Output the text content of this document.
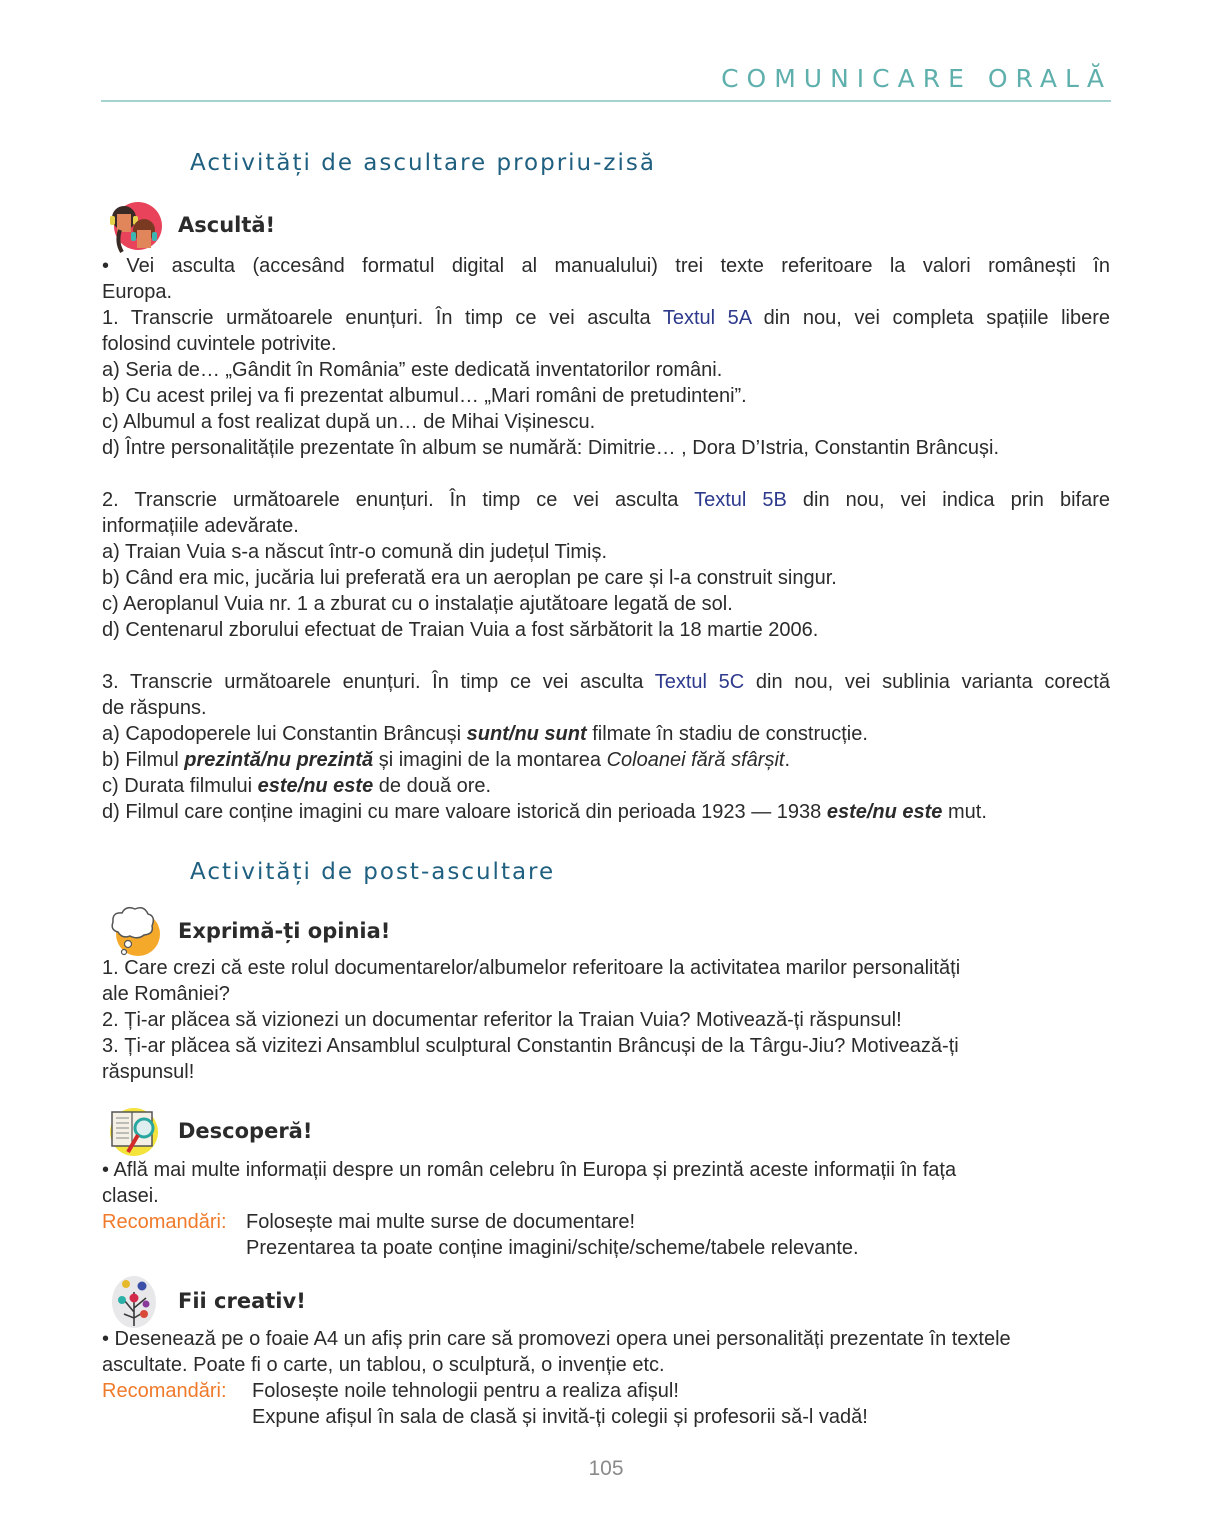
COMUNICARE ORALĂ
Activități de ascultare propriu-zisă
Ascultă!

• Vei asculta (accesând formatul digital al manualului) trei texte referitoare la valori românești în

Europa.

1. Transcrie următoarele enunțuri. În timp ce vei asculta Textul 5A din nou, vei completa spațiile libere

folosind cuvintele potrivite.

a) Seria de… „Gândit în România” este dedicată inventatorilor români.

b) Cu acest prilej va fi prezentat albumul… „Mari români de pretudinteni”.

c) Albumul a fost realizat după un… de Mihai Vișinescu.

d) Între personalitățile prezentate în album se numără: Dimitrie… , Dora D’Istria, Constantin Brâncuși.

2. Transcrie următoarele enunțuri. În timp ce vei asculta Textul 5B din nou, vei indica prin bifare

informațiile adevărate.

a) Traian Vuia s-a născut într-o comună din județul Timiș.

b) Când era mic, jucăria lui preferată era un aeroplan pe care și l-a construit singur.

c) Aeroplanul Vuia nr. 1 a zburat cu o instalație ajutătoare legată de sol.

d) Centenarul zborului efectuat de Traian Vuia a fost sărbătorit la 18 martie 2006.

3. Transcrie următoarele enunțuri. În timp ce vei asculta Textul 5C din nou, vei sublinia varianta corectă

de răspuns.

a) Capodoperele lui Constantin Brâncuși sunt/nu sunt filmate în stadiu de construcție.

b) Filmul prezintă/nu prezintă și imagini de la montarea Coloanei fără sfârșit.

c) Durata filmului este/nu este de două ore.

d) Filmul care conține imagini cu mare valoare istorică din perioada 1923 — 1938 este/nu este mut.

Activități de post-ascultare
Exprimă-ți opinia!

1. Care crezi că este rolul documentarelor/albumelor referitoare la activitatea marilor personalități

ale României?

2. Ți-ar plăcea să vizionezi un documentar referitor la Traian Vuia? Motivează-ți răspunsul!

3. Ți-ar plăcea să vizitezi Ansamblul sculptural Constantin Brâncuși de la Târgu-Jiu? Motivează-ți

răspunsul!

Descoperă!

• Află mai multe informații despre un român celebru în Europa și prezintă aceste informații în fața

clasei.

Recomandări: Folosește mai multe surse de documentare!
Prezentarea ta poate conține imagini/schițe/scheme/tabele relevante.
Fii creativ!

• Desenează pe o foaie A4 un afiș prin care să promovezi opera unei personalități prezentate în textele

ascultate. Poate fi o carte, un tablou, o sculptură, o invenție etc.

Recomandări:	Folosește noile tehnologii pentru a realiza afișul!
Expune afișul în sala de clasă și invită-ți colegii și profesorii să-l vadă!
105
